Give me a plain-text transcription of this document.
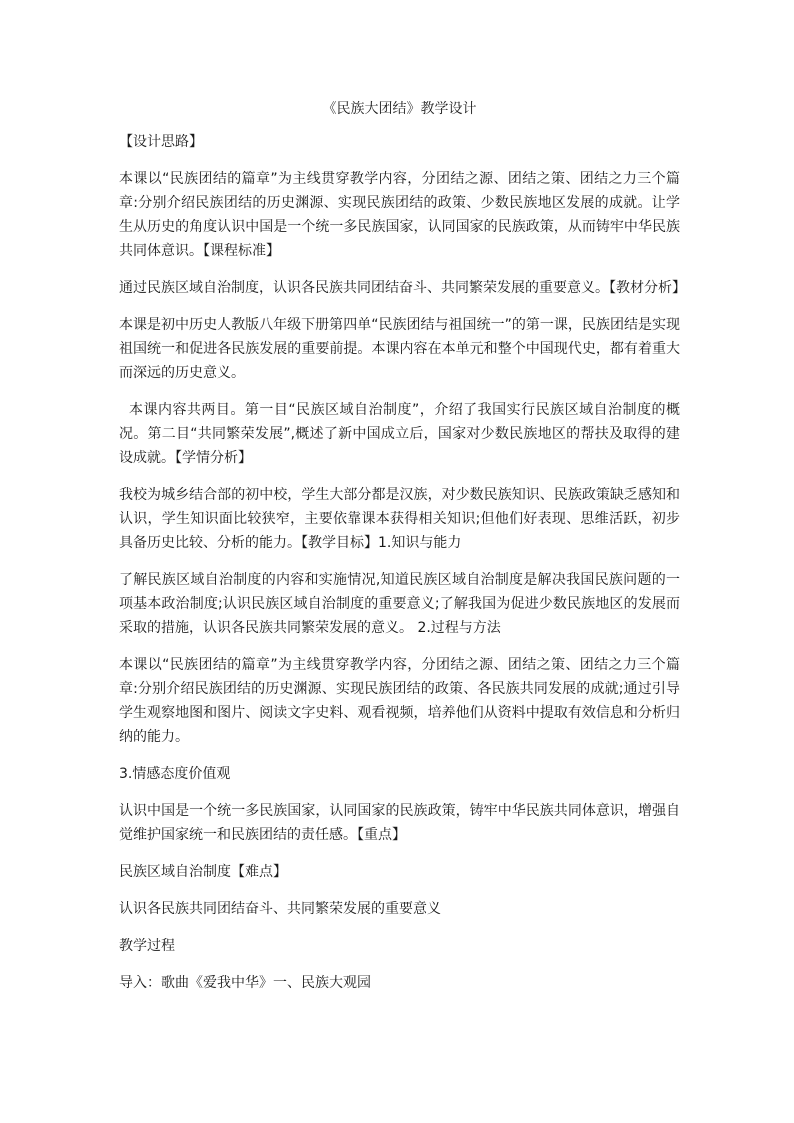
《民族大团结》教学设计

【设计思路】

本课以“民族团结的篇章”为主线贯穿教学内容，分团结之源、团结之策、团结之力三个篇章:分别介绍民族团结的历史渊源、实现民族团结的政策、少数民族地区发展的成就。让学生从历史的角度认识中国是一个统一多民族国家，认同国家的民族政策，从而铸牢中华民族共同体意识。【课程标准】

通过民族区域自治制度，认识各民族共同团结奋斗、共同繁荣发展的重要意义。【教材分析】

本课是初中历史人教版八年级下册第四单“民族团结与祖国统一”的第一课，民族团结是实现祖国统一和促进各民族发展的重要前提。本课内容在本单元和整个中国现代史，都有着重大而深远的历史意义。

本课内容共两目。第一目“民族区域自治制度”，介绍了我国实行民族区域自治制度的概况。第二目“共同繁荣发展”,概述了新中国成立后，国家对少数民族地区的帮扶及取得的建设成就。【学情分析】

我校为城乡结合部的初中校，学生大部分都是汉族，对少数民族知识、民族政策缺乏感知和认识，学生知识面比较狭窄，主要依靠课本获得相关知识;但他们好表现、思维活跃，初步具备历史比较、分析的能力。【教学目标】1.知识与能力

了解民族区域自治制度的内容和实施情况,知道民族区域自治制度是解决我国民族问题的一项基本政治制度;认识民族区域自治制度的重要意义;了解我国为促进少数民族地区的发展而采取的措施，认识各民族共同繁荣发展的意义。 2.过程与方法

本课以“民族团结的篇章”为主线贯穿教学内容，分团结之源、团结之策、团结之力三个篇章:分别介绍民族团结的历史渊源、实现民族团结的政策、各民族共同发展的成就;通过引导学生观察地图和图片、阅读文字史料、观看视频，培养他们从资料中提取有效信息和分析归纳的能力。

3.情感态度价值观

认识中国是一个统一多民族国家，认同国家的民族政策，铸牢中华民族共同体意识，增强自觉维护国家统一和民族团结的责任感。【重点】

民族区域自治制度【难点】

认识各民族共同团结奋斗、共同繁荣发展的重要意义

教学过程

导入：歌曲《爱我中华》一、民族大观园
